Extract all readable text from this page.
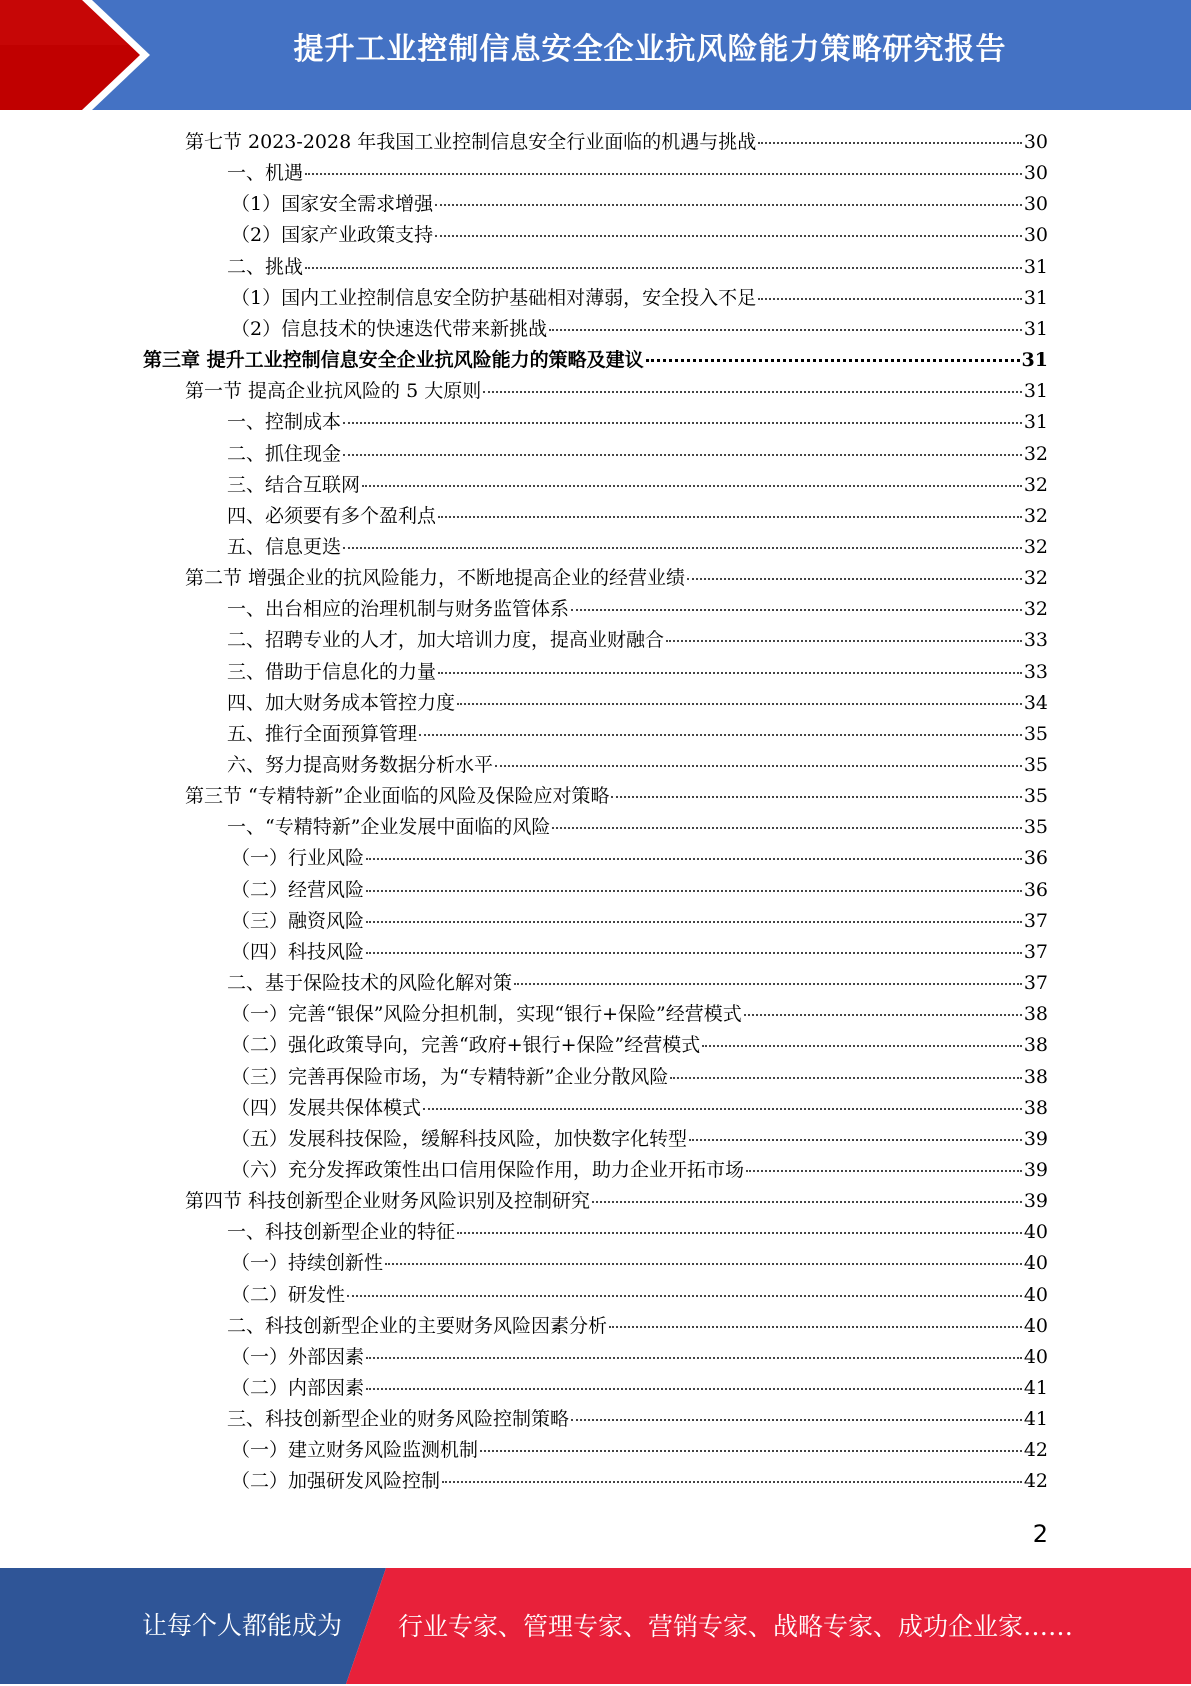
提升工业控制信息安全企业抗风险能力策略研究报告
第七节 2023-2028 年我国工业控制信息安全行业面临的机遇与挑战	30
一、机遇	30
（1）国家安全需求增强	30
（2）国家产业政策支持	30
二、挑战	31
（1）国内工业控制信息安全防护基础相对薄弱，安全投入不足	31
（2）信息技术的快速迭代带来新挑战	31
第三章 提升工业控制信息安全企业抗风险能力的策略及建议	31
第一节 提高企业抗风险的 5 大原则	31
一、控制成本	31
二、抓住现金	32
三、结合互联网	32
四、必须要有多个盈利点	32
五、信息更迭	32
第二节 增强企业的抗风险能力，不断地提高企业的经营业绩	32
一、出台相应的治理机制与财务监管体系	32
二、招聘专业的人才，加大培训力度，提高业财融合	33
三、借助于信息化的力量	33
四、加大财务成本管控力度	34
五、推行全面预算管理	35
六、努力提高财务数据分析水平	35
第三节 “专精特新”企业面临的风险及保险应对策略	35
一、“专精特新”企业发展中面临的风险	35
（一）行业风险	36
（二）经营风险	36
（三）融资风险	37
（四）科技风险	37
二、基于保险技术的风险化解对策	37
（一）完善“银保”风险分担机制，实现“银行+保险”经营模式	38
（二）强化政策导向，完善“政府+银行+保险”经营模式	38
（三）完善再保险市场，为“专精特新”企业分散风险	38
（四）发展共保体模式	38
（五）发展科技保险，缓解科技风险，加快数字化转型	39
（六）充分发挥政策性出口信用保险作用，助力企业开拓市场	39
第四节 科技创新型企业财务风险识别及控制研究	39
一、科技创新型企业的特征	40
（一）持续创新性	40
（二）研发性	40
二、科技创新型企业的主要财务风险因素分析	40
（一）外部因素	40
（二）内部因素	41
三、科技创新型企业的财务风险控制策略	41
（一）建立财务风险监测机制	42
（二）加强研发风险控制	42
2
让每个人都能成为 行业专家、管理专家、营销专家、战略专家、成功企业家……
